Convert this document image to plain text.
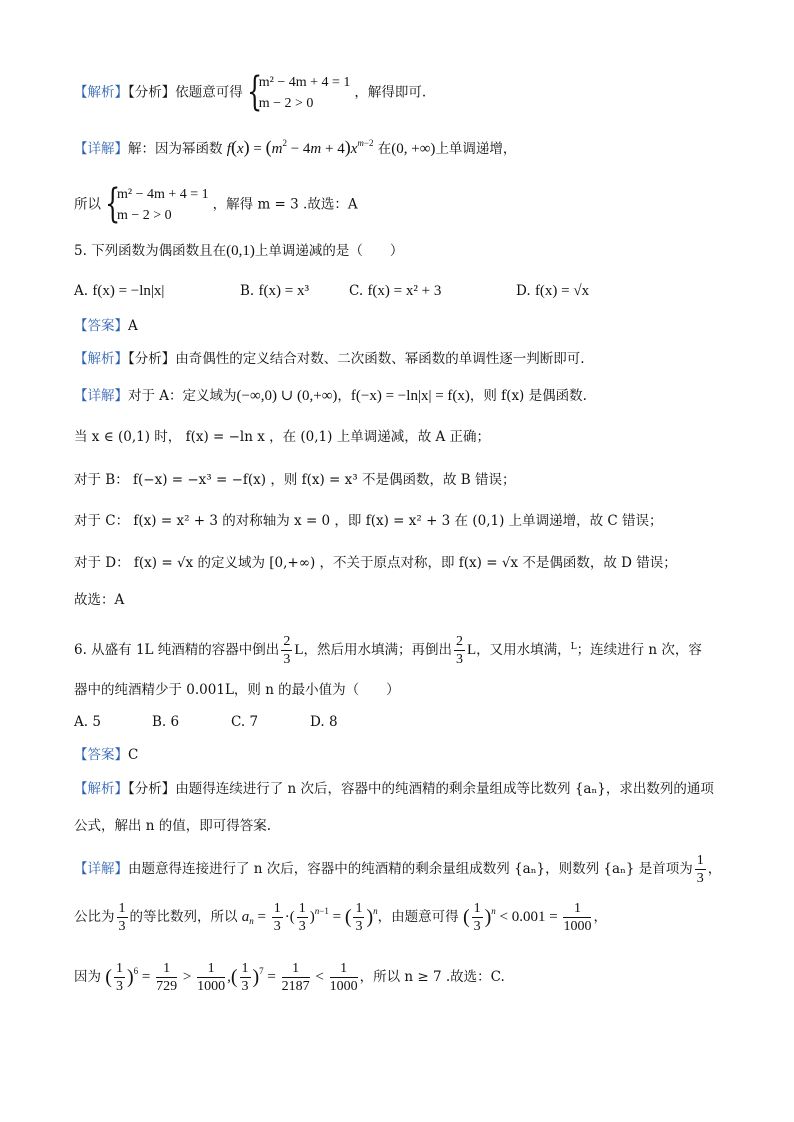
【解析】【分析】依题意可得 {
m² − 4m + 4 = 1
m − 2 > 0
，解得即可.
【详解】解：因为幂函数 $f(x) = (m^2 - 4m + 4)x^{m-2}$ 在(0, +∞)上单调递增，
所以 {
m² − 4m + 4 = 1
m − 2 > 0
，解得 m = 3 .故选：A
5. 下列函数为偶函数且在(0,1)上单调递减的是（　　）
A. f(x) = −ln|x|	B. f(x) = x³	C. f(x) = x² + 3	D. f(x) = √x
【答案】A
【解析】【分析】由奇偶性的定义结合对数、二次函数、幂函数的单调性逐一判断即可.
【详解】对于 A：定义域为(−∞,0) ∪ (0,+∞)，f(−x) = −ln|x| = f(x)，则 f(x) 是偶函数.
当 x ∈ (0,1) 时， f(x) = −ln x ，在 (0,1) 上单调递减，故 A 正确；
对于 B： f(−x) = −x³ = −f(x) ，则 f(x) = x³ 不是偶函数，故 B 错误；
对于 C： f(x) = x² + 3 的对称轴为 x = 0 ，即 f(x) = x² + 3 在 (0,1) 上单调递增，故 C 错误；
对于 D： f(x) = √x 的定义域为 [0,+∞) ，不关于原点对称，即 f(x) = √x 不是偶函数，故 D 错误；
故选：A
6. 从盛有 1L 纯酒精的容器中倒出 $\frac{2}{3}$ L，然后用水填满；再倒出 $\frac{2}{3}$ L，又用水填满，$^L$；连续进行 n 次，容
器中的纯酒精少于 0.001L，则 n 的最小值为（　　）
A. 5	B. 6	C. 7	D. 8
【答案】C
【解析】【分析】由题得连续进行了 n 次后，容器中的纯酒精的剩余量组成等比数列 {aₙ}，求出数列的通项
公式，解出 n 的值，即可得答案.
【详解】由题意得连接进行了 n 次后，容器中的纯酒精的剩余量组成数列 {aₙ}，则数列 {aₙ} 是首项为 $\frac{1}{3}$ ，
公比为 $\frac{1}{3}$ 的等比数列，所以 $a_n = \frac{1}{3}$ ·( $\frac{1}{3} )^{n-1}$ = ( $\frac{1}{3} )^n$，由题意可得 ( $\frac{1}{3} )^n < 0.001 = \frac{1}{1000}$ ，
因为 ( $\frac{1}{3} )^6 = \frac{1}{729} > \frac{1}{1000}$ ,( $\frac{1}{3} )^7 = \frac{1}{2187} < \frac{1}{1000}$ ，所以 n ≥ 7 .故选：C.
